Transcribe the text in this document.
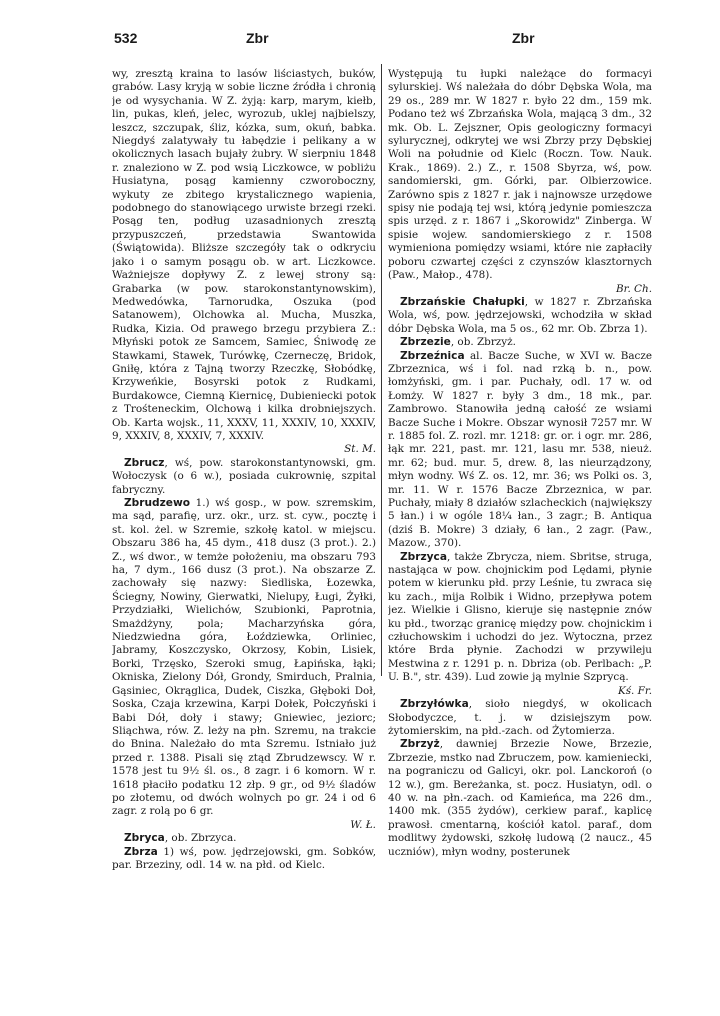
532	Zbr	Zbr

wy, zresztą kraina to lasów liściastych, buków, grabów. Lasy kryją w sobie liczne źródła i chronią je od wysychania. W Z. żyją: karp, marym, kiełb, lin, pukas, kleń, jelec, wyrozub, uklej najbielszy, leszcz, szczupak, śliz, kózka, sum, okuń, babka. Niegdyś zalatywały tu łabędzie i pelikany a w okolicznych lasach bujały żubry. W sierpniu 1848 r. znaleziono w Z. pod wsią Liczkowce, w pobliżu Husiatyna, posąg kamienny czworoboczny, wykuty ze zbitego krystalicznego wapienia, podobnego do stanowiącego urwiste brzegi rzeki. Posąg ten, podług uzasadnionych zresztą przypuszczeń, przedstawia Swantowida (Świątowida). Bliższe szczegóły tak o odkryciu jako i o samym posągu ob. w art. Liczkowce. Ważniejsze dopływy Z. z lewej strony są: Grabarka (w pow. starokonstantynowskim), Medwedówka, Tarnorudka, Oszuka (pod Satanowem), Olchowka al. Mucha, Muszka, Rudka, Kizia. Od prawego brzegu przybiera Z.: Młyński potok ze Samcem, Samiec, Śniwodę ze Stawkami, Stawek, Turówkę, Czerneczę, Bridok, Gniłę, która z Tajną tworzy Rzeczkę, Słobódkę, Krzyweńkie, Bosyrski potok z Rudkami, Burdakowce, Ciemną Kiernicę, Dubieniecki potok z Trośteneckim, Olchową i kilka drobniejszych. Ob. Karta wojsk., 11, XXXV, 11, XXXIV, 10, XXXIV, 9, XXXIV, 8, XXXIV, 7, XXXIV.
St. M.

Zbrucz, wś, pow. starokonstantynowski, gm. Wołoczysk (o 6 w.), posiada cukrownię, szpital fabryczny.

Zbrudzewo 1.) wś gosp., w pow. szremskim, ma sąd, parafię, urz. okr., urz. st. cyw., pocztę i st. kol. żel. w Szremie, szkołę katol. w miejscu. Obszaru 386 ha, 45 dym., 418 dusz (3 prot.). 2.) Z., wś dwor., w temże położeniu, ma obszaru 793 ha, 7 dym., 166 dusz (3 prot.). Na obszarze Z. zachowały się nazwy: Siedliska, Łozewka, Ściegny, Nowiny, Gierwatki, Nielupy, Ługi, Żyłki, Przydziałki, Wielichów, Szubionki, Paprotnia, Smażdżyny, pola; Macharzyńska góra, Niedzwiedna góra, Łoździewka, Orliniec, Jabramy, Koszczysko, Okrzosy, Kobin, Lisiek, Borki, Trzęsko, Szeroki smug, Łapińska, łąki; Okniska, Zielony Dół, Grondy, Smirduch, Pralnia, Gąsiniec, Okrąglica, Dudek, Ciszka, Głęboki Doł, Soska, Czaja krzewina, Karpi Dołek, Połczyński i Babi Dół, doły i stawy; Gniewiec, jeziorc; Sliąchwa, rów. Z. leży na płn. Szremu, na trakcie do Bnina. Należało do mta Szremu. Istniało już przed r. 1388. Pisali się ztąd Zbrudzewscy. W r. 1578 jest tu 9½ śl. os., 8 zagr. i 6 komorn. W r. 1618 płaciło podatku 12 złp. 9 gr., od 9½ śladów po złotemu, od dwóch wolnych po gr. 24 i od 6 zagr. z rolą po 6 gr.
W. Ł.

Zbryca, ob. Zbrzyca.

Zbrza 1) wś, pow. jędrzejowski, gm. Sobków, par. Brzeziny, odl. 14 w. na płd. od Kielc.

Występują tu łupki należące do formacyi sylurskiej. Wś należała do dóbr Dębska Wola, ma 29 os., 289 mr. W 1827 r. było 22 dm., 159 mk. Podano też wś Zbrzańska Wola, mającą 3 dm., 32 mk. Ob. L. Zejszner, Opis geologiczny formacyi sylurycznej, odkrytej we wsi Zbrzy przy Dębskiej Woli na południe od Kielc (Roczn. Tow. Nauk. Krak., 1869). 2.) Z., r. 1508 Sbyrza, wś, pow. sandomierski, gm. Górki, par. Olbierzowice. Zarówno spis z 1827 r. jak i najnowsze urzędowe spisy nie podają tej wsi, którą jedynie pomieszcza spis urzęd. z r. 1867 i „Skorowidz" Zinberga. W spisie wojew. sandomierskiego z r. 1508 wymieniona pomiędzy wsiami, które nie zapłaciły poboru czwartej części z czynszów klasztornych (Paw., Małop., 478).
Br. Ch.

Zbrzańskie Chałupki, w 1827 r. Zbrzańska Wola, wś, pow. jędrzejowski, wchodziła w skład dóbr Dębska Wola, ma 5 os., 62 mr. Ob. Zbrza 1).

Zbrzezie, ob. Zbrzyż.

Zbrzeźnica al. Bacze Suche, w XVI w. Bacze Zbrzeznica, wś i fol. nad rzką b. n., pow. łomżyński, gm. i par. Puchały, odl. 17 w. od Łomży. W 1827 r. były 3 dm., 18 mk., par. Zambrowo. Stanowiła jedną całość ze wsiami Bacze Suche i Mokre. Obszar wynosił 7257 mr. W r. 1885 fol. Z. rozl. mr. 1218: gr. or. i ogr. mr. 286, łąk mr. 221, past. mr. 121, lasu mr. 538, nieuż. mr. 62; bud. mur. 5, drew. 8, las nieurządzony, młyn wodny. Wś Z. os. 12, mr. 36; ws Polki os. 3, mr. 11. W r. 1576 Bacze Zbrzeznica, w par. Puchały, miały 8 działów szlacheckich (największy 5 łan.) i w ogóle 18¼ łan., 3 zagr.; B. Antiqua (dziś B. Mokre) 3 działy, 6 łan., 2 zagr. (Paw., Mazow., 370).

Zbrzyca, także Zbrycza, niem. Sbritse, struga, nastająca w pow. chojnickim pod Lędami, płynie potem w kierunku płd. przy Leśnie, tu zwraca się ku zach., mija Rolbik i Widno, przepływa potem jez. Wielkie i Glisno, kieruje się następnie znów ku płd., tworząc granicę między pow. chojnickim i człuchowskim i uchodzi do jez. Wytoczna, przez które Brda płynie. Zachodzi w przywileju Mestwina z r. 1291 p. n. Dbriza (ob. Perlbach: „P. U. B.", str. 439). Lud zowie ją mylnie Szprycą.
Kś. Fr.

Zbrzyłówka, sioło niegdyś, w okolicach Słobodyczce, t. j. w dzisiejszym pow. żytomierskim, na płd.-zach. od Żytomierza.

Zbrzyż, dawniej Brzezie Nowe, Brzezie, Zbrzezie, mstko nad Zbruczem, pow. kamieniecki, na pograniczu od Galicyi, okr. pol. Lanckoroń (o 12 w.), gm. Bereżanka, st. pocz. Husiatyn, odl. o 40 w. na płn.-zach. od Kamieńca, ma 226 dm., 1400 mk. (355 żydów), cerkiew paraf., kaplicę prawosł. cmentarną, kościół katol. paraf., dom modlitwy żydowski, szkołę ludową (2 naucz., 45 uczniów), młyn wodny, posterunek
